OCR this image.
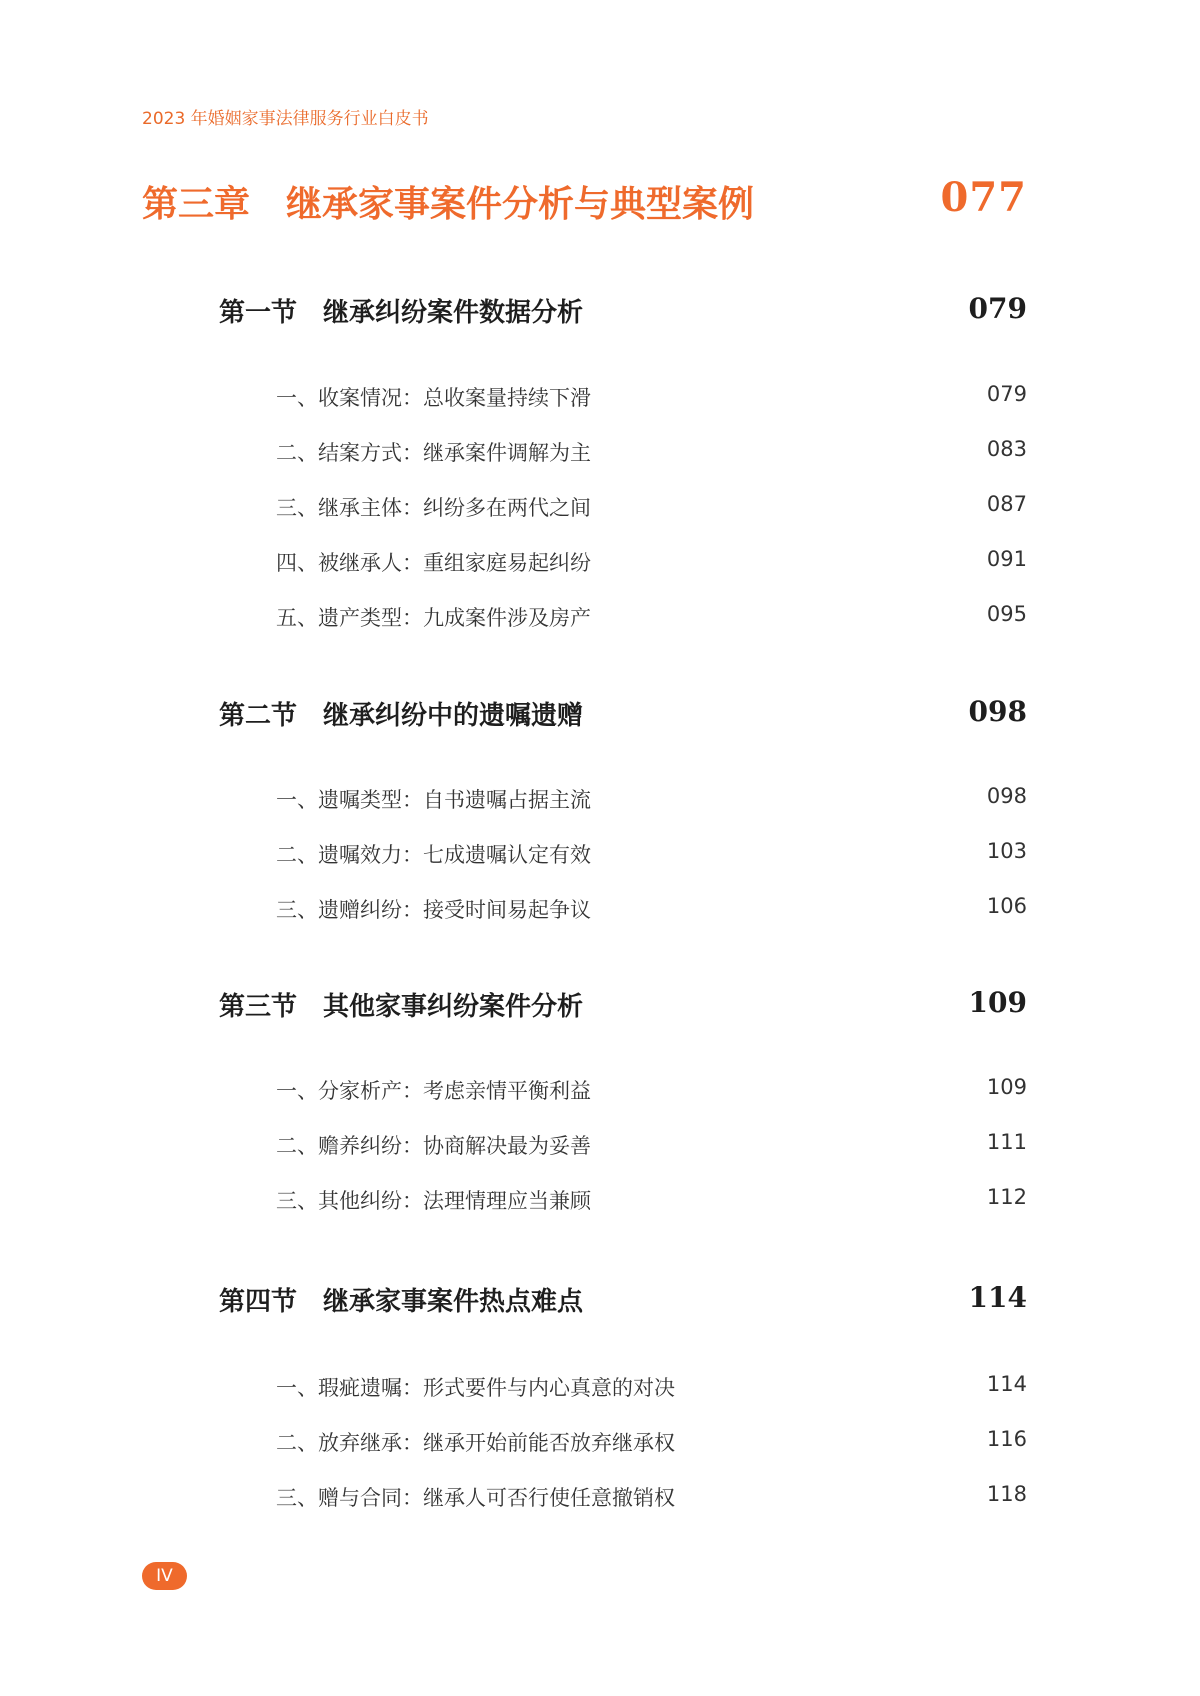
2023 年婚姻家事法律服务行业白皮书
第三章　继承家事案件分析与典型案例	077
第一节　继承纠纷案件数据分析	079
一、收案情况：总收案量持续下滑	079
二、结案方式：继承案件调解为主	083
三、继承主体：纠纷多在两代之间	087
四、被继承人：重组家庭易起纠纷	091
五、遗产类型：九成案件涉及房产	095
第二节　继承纠纷中的遗嘱遗赠	098
一、遗嘱类型：自书遗嘱占据主流	098
二、遗嘱效力：七成遗嘱认定有效	103
三、遗赠纠纷：接受时间易起争议	106
第三节　其他家事纠纷案件分析	109
一、分家析产：考虑亲情平衡利益	109
二、赡养纠纷：协商解决最为妥善	111
三、其他纠纷：法理情理应当兼顾	112
第四节　继承家事案件热点难点	114
一、瑕疵遗嘱：形式要件与内心真意的对决	114
二、放弃继承：继承开始前能否放弃继承权	116
三、赠与合同：继承人可否行使任意撤销权	118
IV
